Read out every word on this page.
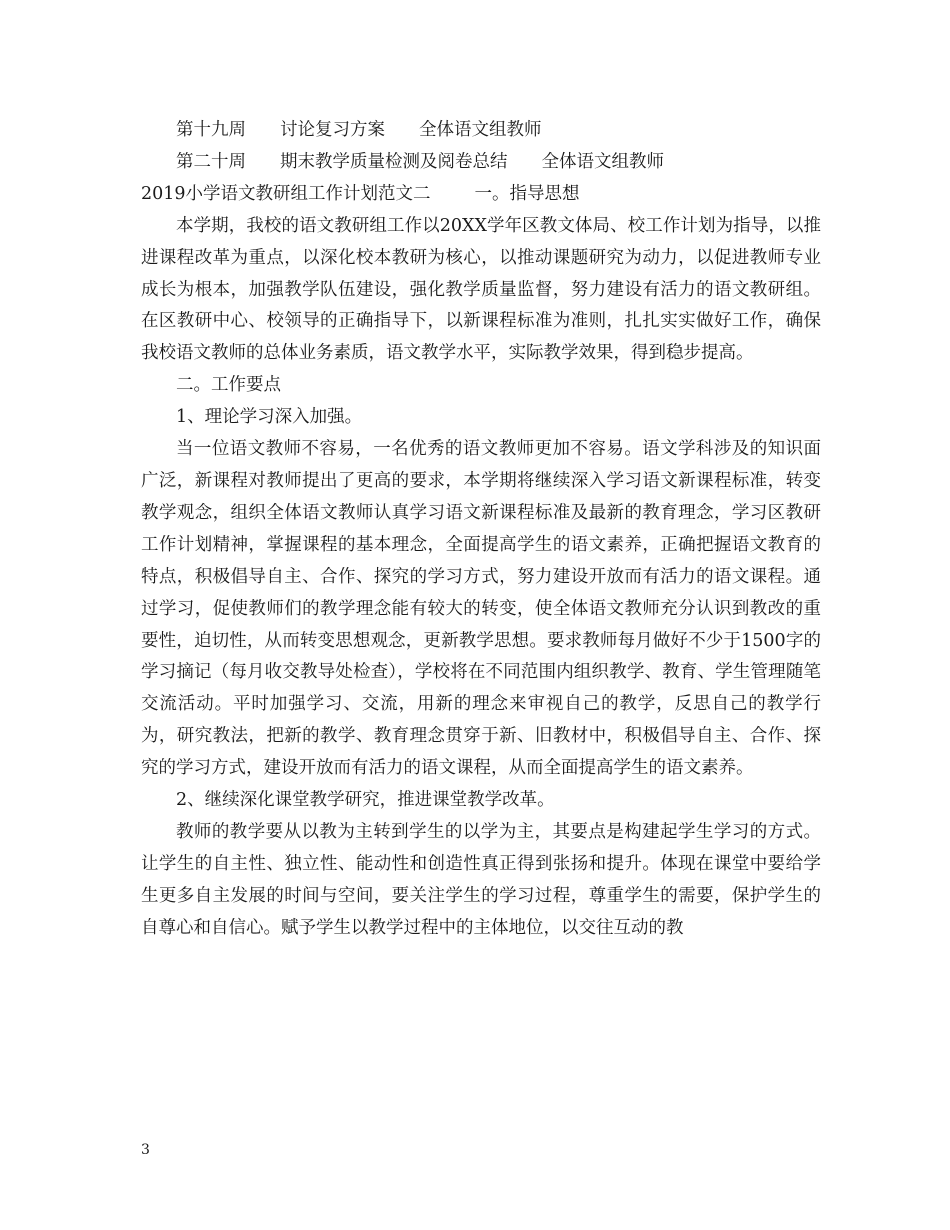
第十九周 讨论复习方案 全体语文组教师

第二十周 期末教学质量检测及阅卷总结 全体语文组教师

2019小学语文教研组工作计划范文二	一。指导思想

本学期，我校的语文教研组工作以20XX学年区教文体局、校工作计划为指导，以推进课程改革为重点，以深化校本教研为核心，以推动课题研究为动力，以促进教师专业成长为根本，加强教学队伍建设，强化教学质量监督，努力建设有活力的语文教研组。在区教研中心、校领导的正确指导下，以新课程标准为准则，扎扎实实做好工作，确保我校语文教师的总体业务素质，语文教学水平，实际教学效果，得到稳步提高。

二。工作要点

1、理论学习深入加强。

当一位语文教师不容易，一名优秀的语文教师更加不容易。语文学科涉及的知识面广泛，新课程对教师提出了更高的要求，本学期将继续深入学习语文新课程标准，转变教学观念，组织全体语文教师认真学习语文新课程标准及最新的教育理念，学习区教研工作计划精神，掌握课程的基本理念，全面提高学生的语文素养，正确把握语文教育的特点，积极倡导自主、合作、探究的学习方式，努力建设开放而有活力的语文课程。通过学习，促使教师们的教学理念能有较大的转变，使全体语文教师充分认识到教改的重要性，迫切性，从而转变思想观念，更新教学思想。要求教师每月做好不少于1500字的学习摘记（每月收交教导处检查），学校将在不同范围内组织教学、教育、学生管理随笔交流活动。平时加强学习、交流，用新的理念来审视自己的教学，反思自己的教学行为，研究教法，把新的教学、教育理念贯穿于新、旧教材中，积极倡导自主、合作、探究的学习方式，建设开放而有活力的语文课程，从而全面提高学生的语文素养。

2、继续深化课堂教学研究，推进课堂教学改革。

教师的教学要从以教为主转到学生的以学为主，其要点是构建起学生学习的方式。让学生的自主性、独立性、能动性和创造性真正得到张扬和提升。体现在课堂中要给学生更多自主发展的时间与空间，要关注学生的学习过程，尊重学生的需要，保护学生的自尊心和自信心。赋予学生以教学过程中的主体地位，以交往互动的教

3
